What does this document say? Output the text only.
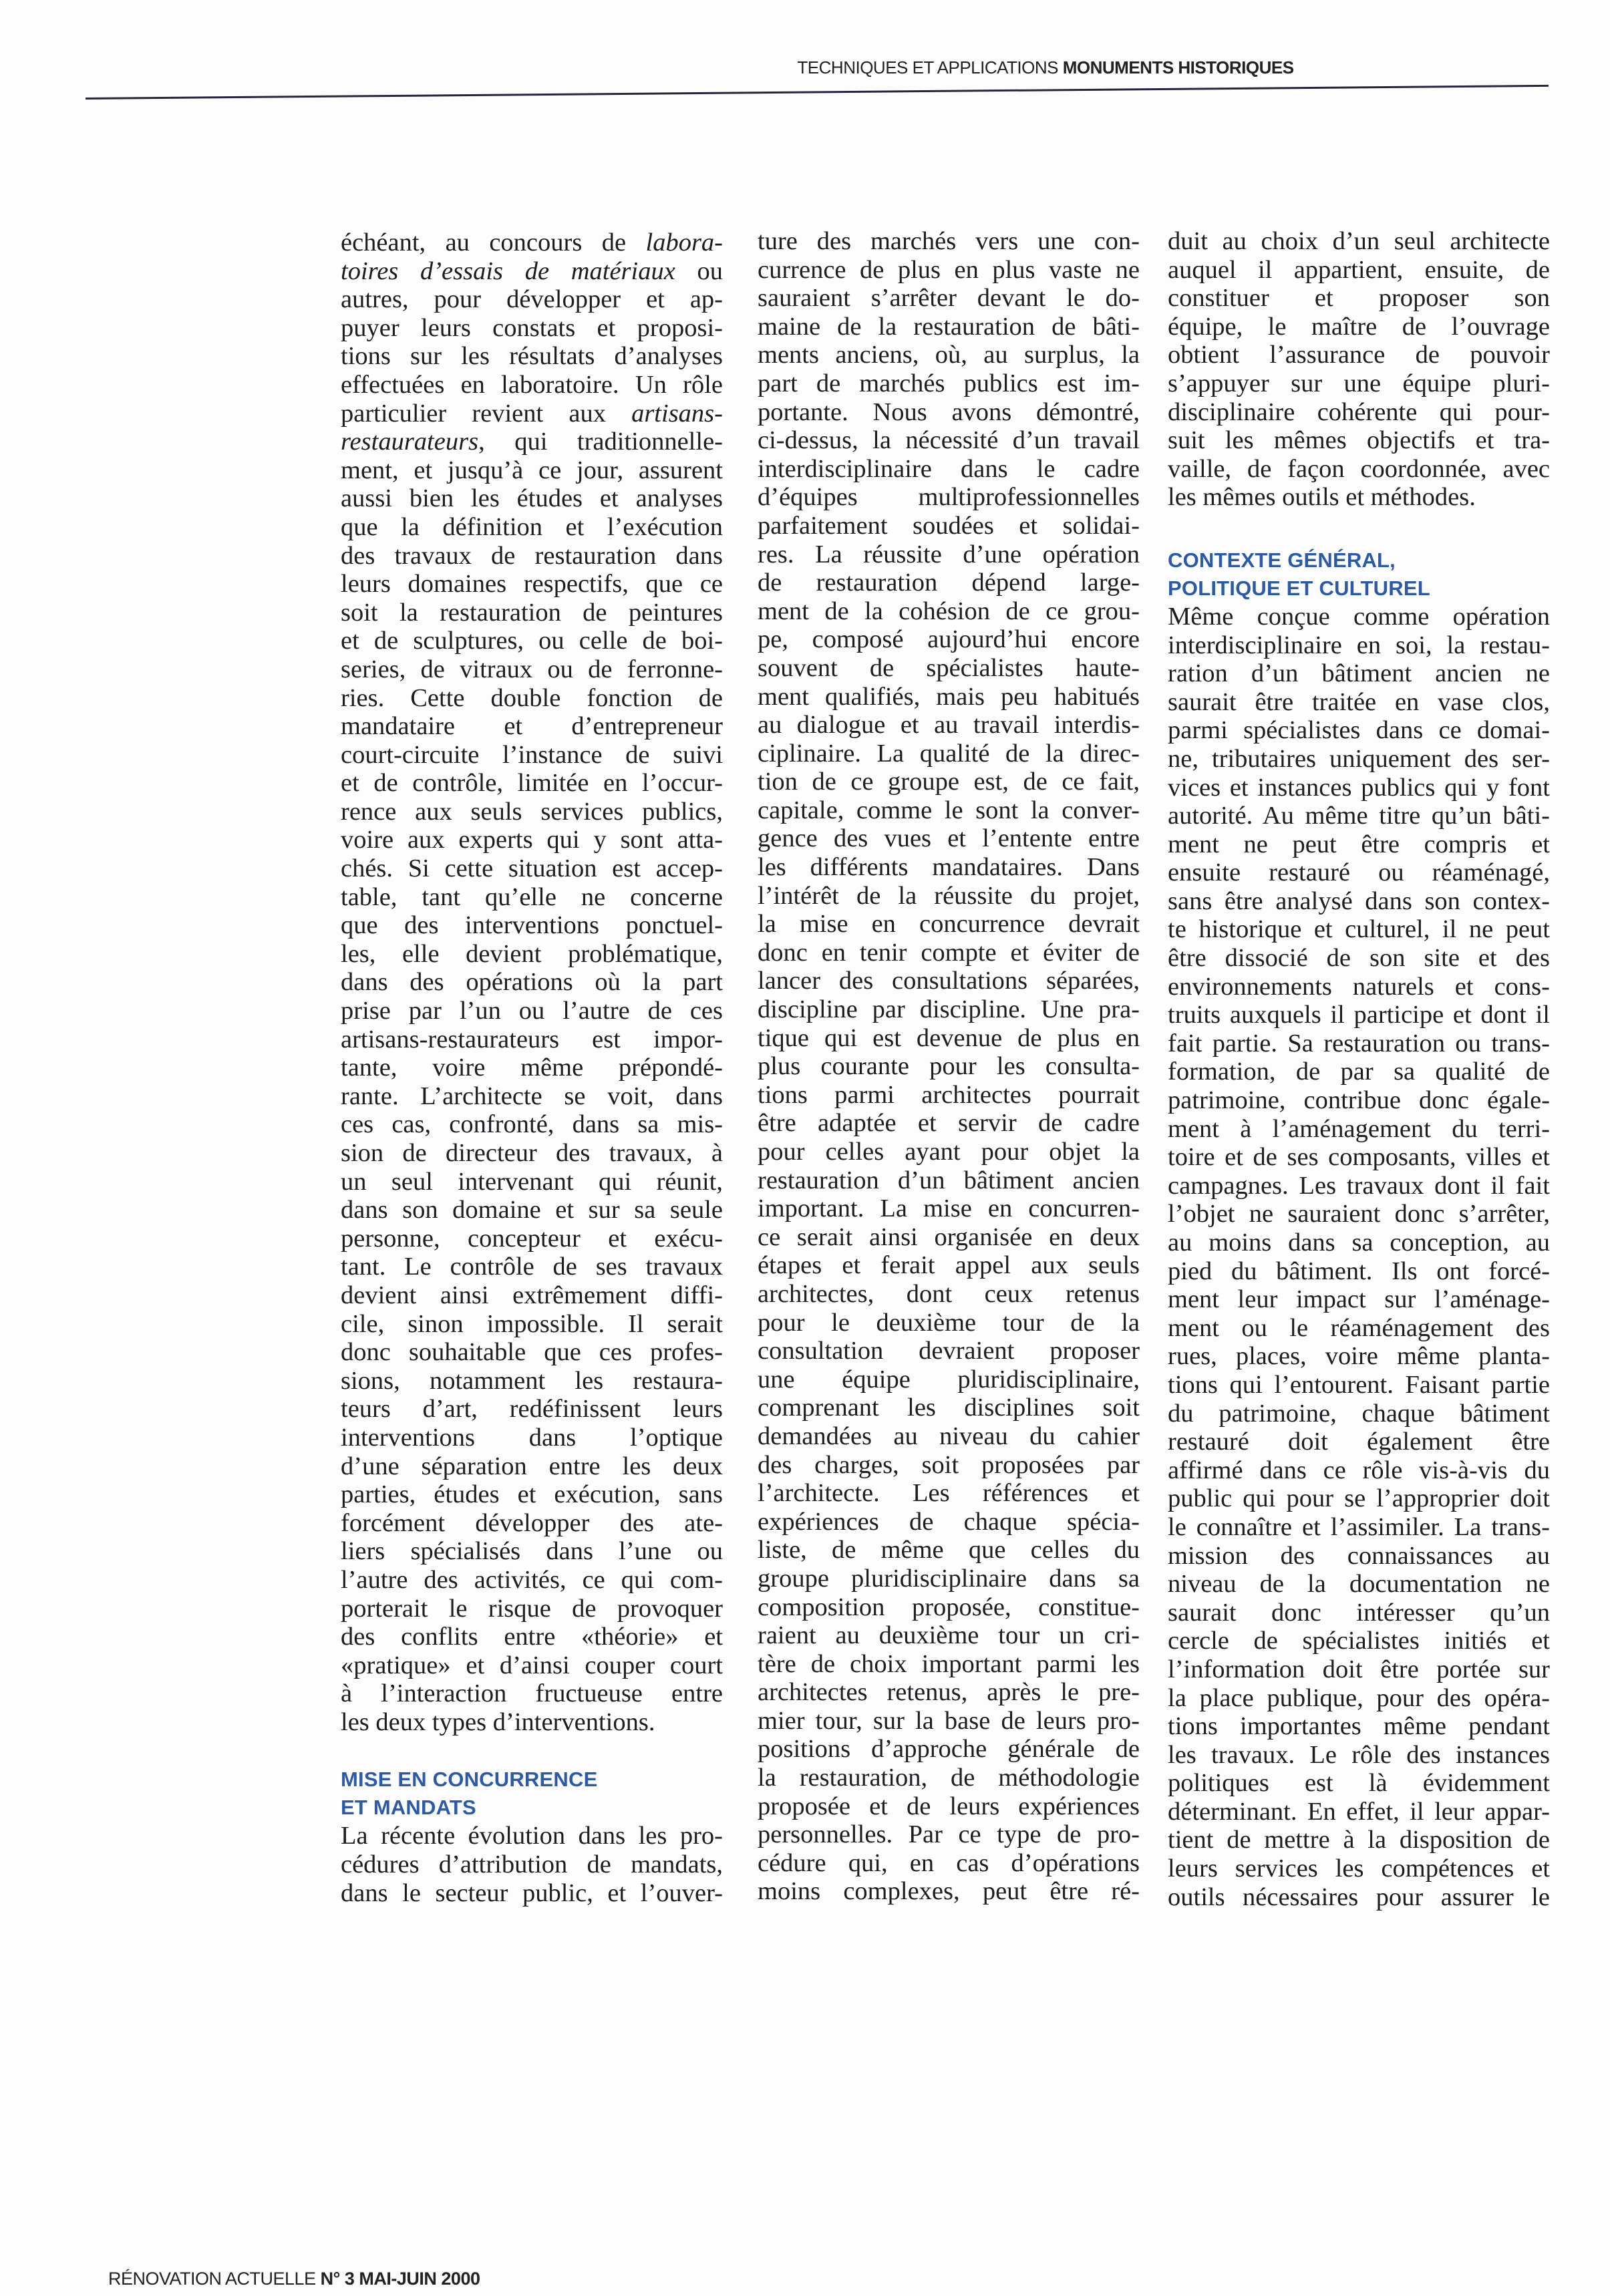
TECHNIQUES ET APPLICATIONS MONUMENTS HISTORIQUES
échéant, au concours de labora-
toires d’essais de matériaux ou
autres, pour développer et ap-
puyer leurs constats et proposi-
tions sur les résultats d’analyses
effectuées en laboratoire. Un rôle
particulier revient aux artisans-
restaurateurs, qui traditionnelle-
ment, et jusqu’à ce jour, assurent
aussi bien les études et analyses
que la définition et l’exécution
des travaux de restauration dans
leurs domaines respectifs, que ce
soit la restauration de peintures
et de sculptures, ou celle de boi-
series, de vitraux ou de ferronne-
ries. Cette double fonction de
mandataire et d’entrepreneur
court-circuite l’instance de suivi
et de contrôle, limitée en l’occur-
rence aux seuls services publics,
voire aux experts qui y sont atta-
chés. Si cette situation est accep-
table, tant qu’elle ne concerne
que des interventions ponctuel-
les, elle devient problématique,
dans des opérations où la part
prise par l’un ou l’autre de ces
artisans-restaurateurs est impor-
tante, voire même prépondé-
rante. L’architecte se voit, dans
ces cas, confronté, dans sa mis-
sion de directeur des travaux, à
un seul intervenant qui réunit,
dans son domaine et sur sa seule
personne, concepteur et exécu-
tant. Le contrôle de ses travaux
devient ainsi extrêmement diffi-
cile, sinon impossible. Il serait
donc souhaitable que ces profes-
sions, notamment les restaura-
teurs d’art, redéfinissent leurs
interventions dans l’optique
d’une séparation entre les deux
parties, études et exécution, sans
forcément développer des ate-
liers spécialisés dans l’une ou
l’autre des activités, ce qui com-
porterait le risque de provoquer
des conflits entre «théorie» et
«pratique» et d’ainsi couper court
à l’interaction fructueuse entre
les deux types d’interventions.
MISE EN CONCURRENCE
ET MANDATS
La récente évolution dans les pro-
cédures d’attribution de mandats,
dans le secteur public, et l’ouver-
ture des marchés vers une con-
currence de plus en plus vaste ne
sauraient s’arrêter devant le do-
maine de la restauration de bâti-
ments anciens, où, au surplus, la
part de marchés publics est im-
portante. Nous avons démontré,
ci-dessus, la nécessité d’un travail
interdisciplinaire dans le cadre
d’équipes multiprofessionnelles
parfaitement soudées et solidai-
res. La réussite d’une opération
de restauration dépend large-
ment de la cohésion de ce grou-
pe, composé aujourd’hui encore
souvent de spécialistes haute-
ment qualifiés, mais peu habitués
au dialogue et au travail interdis-
ciplinaire. La qualité de la direc-
tion de ce groupe est, de ce fait,
capitale, comme le sont la conver-
gence des vues et l’entente entre
les différents mandataires. Dans
l’intérêt de la réussite du projet,
la mise en concurrence devrait
donc en tenir compte et éviter de
lancer des consultations séparées,
discipline par discipline. Une pra-
tique qui est devenue de plus en
plus courante pour les consulta-
tions parmi architectes pourrait
être adaptée et servir de cadre
pour celles ayant pour objet la
restauration d’un bâtiment ancien
important. La mise en concurren-
ce serait ainsi organisée en deux
étapes et ferait appel aux seuls
architectes, dont ceux retenus
pour le deuxième tour de la
consultation devraient proposer
une équipe pluridisciplinaire,
comprenant les disciplines soit
demandées au niveau du cahier
des charges, soit proposées par
l’architecte. Les références et
expériences de chaque spécia-
liste, de même que celles du
groupe pluridisciplinaire dans sa
composition proposée, constitue-
raient au deuxième tour un cri-
tère de choix important parmi les
architectes retenus, après le pre-
mier tour, sur la base de leurs pro-
positions d’approche générale de
la restauration, de méthodologie
proposée et de leurs expériences
personnelles. Par ce type de pro-
cédure qui, en cas d’opérations
moins complexes, peut être ré-
duit au choix d’un seul architecte
auquel il appartient, ensuite, de
constituer et proposer son
équipe, le maître de l’ouvrage
obtient l’assurance de pouvoir
s’appuyer sur une équipe pluri-
disciplinaire cohérente qui pour-
suit les mêmes objectifs et tra-
vaille, de façon coordonnée, avec
les mêmes outils et méthodes.
CONTEXTE GÉNÉRAL,
POLITIQUE ET CULTUREL
Même conçue comme opération
interdisciplinaire en soi, la restau-
ration d’un bâtiment ancien ne
saurait être traitée en vase clos,
parmi spécialistes dans ce domai-
ne, tributaires uniquement des ser-
vices et instances publics qui y font
autorité. Au même titre qu’un bâti-
ment ne peut être compris et
ensuite restauré ou réaménagé,
sans être analysé dans son contex-
te historique et culturel, il ne peut
être dissocié de son site et des
environnements naturels et cons-
truits auxquels il participe et dont il
fait partie. Sa restauration ou trans-
formation, de par sa qualité de
patrimoine, contribue donc égale-
ment à l’aménagement du terri-
toire et de ses composants, villes et
campagnes. Les travaux dont il fait
l’objet ne sauraient donc s’arrêter,
au moins dans sa conception, au
pied du bâtiment. Ils ont forcé-
ment leur impact sur l’aménage-
ment ou le réaménagement des
rues, places, voire même planta-
tions qui l’entourent. Faisant partie
du patrimoine, chaque bâtiment
restauré doit également être
affirmé dans ce rôle vis-à-vis du
public qui pour se l’approprier doit
le connaître et l’assimiler. La trans-
mission des connaissances au
niveau de la documentation ne
saurait donc intéresser qu’un
cercle de spécialistes initiés et
l’information doit être portée sur
la place publique, pour des opéra-
tions importantes même pendant
les travaux. Le rôle des instances
politiques est là évidemment
déterminant. En effet, il leur appar-
tient de mettre à la disposition de
leurs services les compétences et
outils nécessaires pour assurer le
RÉNOVATION ACTUELLE N° 3 MAI-JUIN 2000
